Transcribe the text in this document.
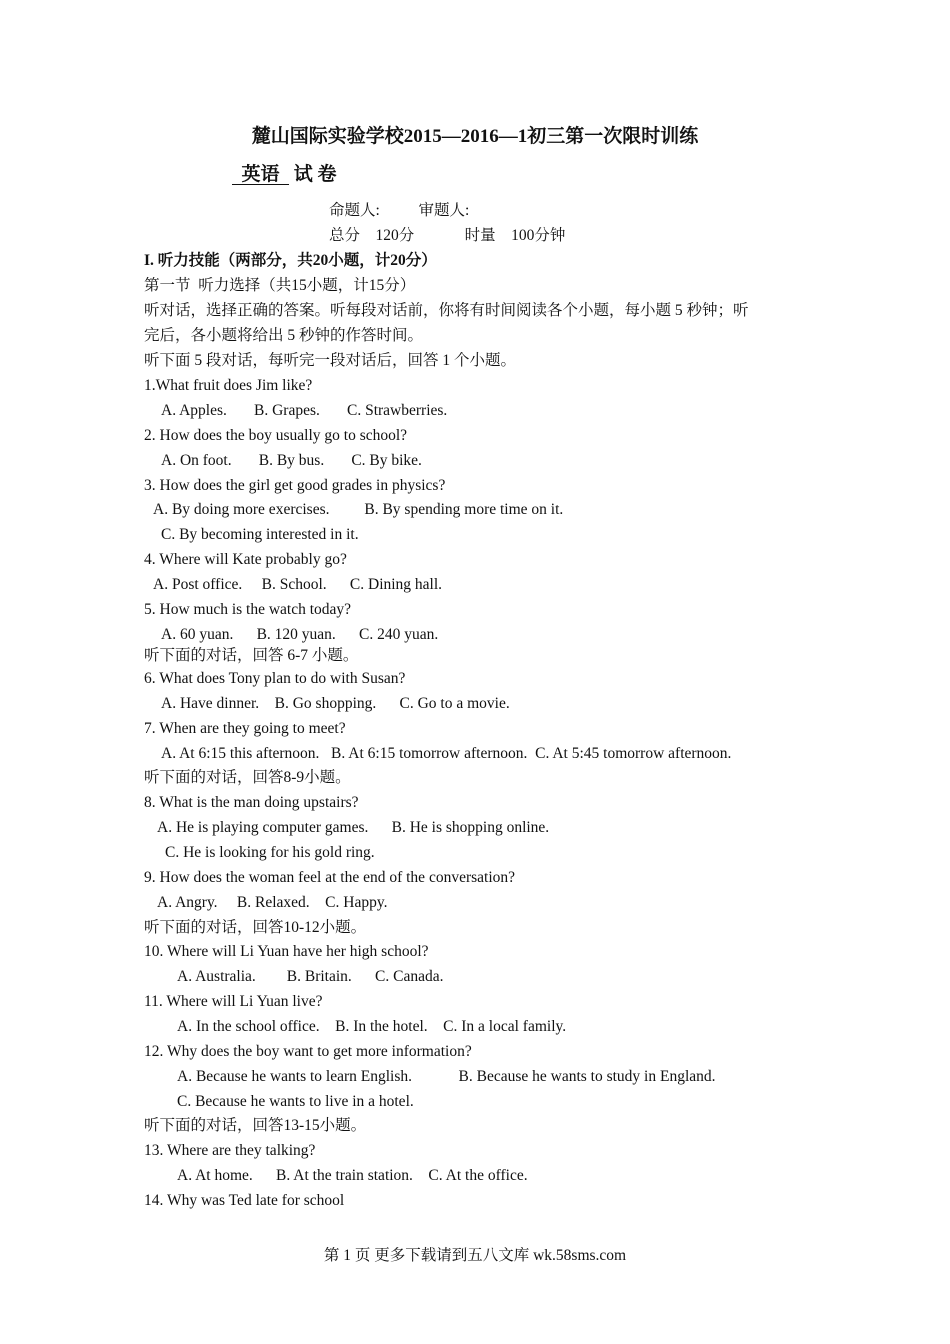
麓山国际实验学校2015—2016—1初三第一次限时训练
英语   试 卷
命题人:          审题人:
总分    120分             时量    100分钟
I. 听力技能（两部分，共20小题，计20分）
第一节  听力选择（共15小题，计15分）
听对话，选择正确的答案。听每段对话前，你将有时间阅读各个小题，每小题 5 秒钟；听
完后，各小题将给出 5 秒钟的作答时间。
听下面 5 段对话，每听完一段对话后，回答 1 个小题。
1.What fruit does Jim like?
A. Apples.       B. Grapes.       C. Strawberries.
2. How does the boy usually go to school?
A. On foot.       B. By bus.       C. By bike.
3. How does the girl get good grades in physics?
A. By doing more exercises.         B. By spending more time on it.
C. By becoming interested in it.
4. Where will Kate probably go?
A. Post office.     B. School.      C. Dining hall.
5. How much is the watch today?
A. 60 yuan.      B. 120 yuan.      C. 240 yuan.
听下面的对话，回答 6-7 小题。
6. What does Tony plan to do with Susan?
A. Have dinner.    B. Go shopping.      C. Go to a movie.
7. When are they going to meet?
A. At 6:15 this afternoon.   B. At 6:15 tomorrow afternoon.  C. At 5:45 tomorrow afternoon.
听下面的对话，回答8-9小题。
8. What is the man doing upstairs?
A. He is playing computer games.      B. He is shopping online.
C. He is looking for his gold ring.
9. How does the woman feel at the end of the conversation?
A. Angry.     B. Relaxed.    C. Happy.
听下面的对话，回答10-12小题。
10. Where will Li Yuan have her high school?
A. Australia.        B. Britain.      C. Canada.
11. Where will Li Yuan live?
A. In the school office.    B. In the hotel.    C. In a local family.
12. Why does the boy want to get more information?
A. Because he wants to learn English.            B. Because he wants to study in England.
C. Because he wants to live in a hotel.
听下面的对话，回答13-15小题。
13. Where are they talking?
A. At home.      B. At the train station.    C. At the office.
14. Why was Ted late for school
第 1 页 更多下载请到五八文库 wk.58sms.com
